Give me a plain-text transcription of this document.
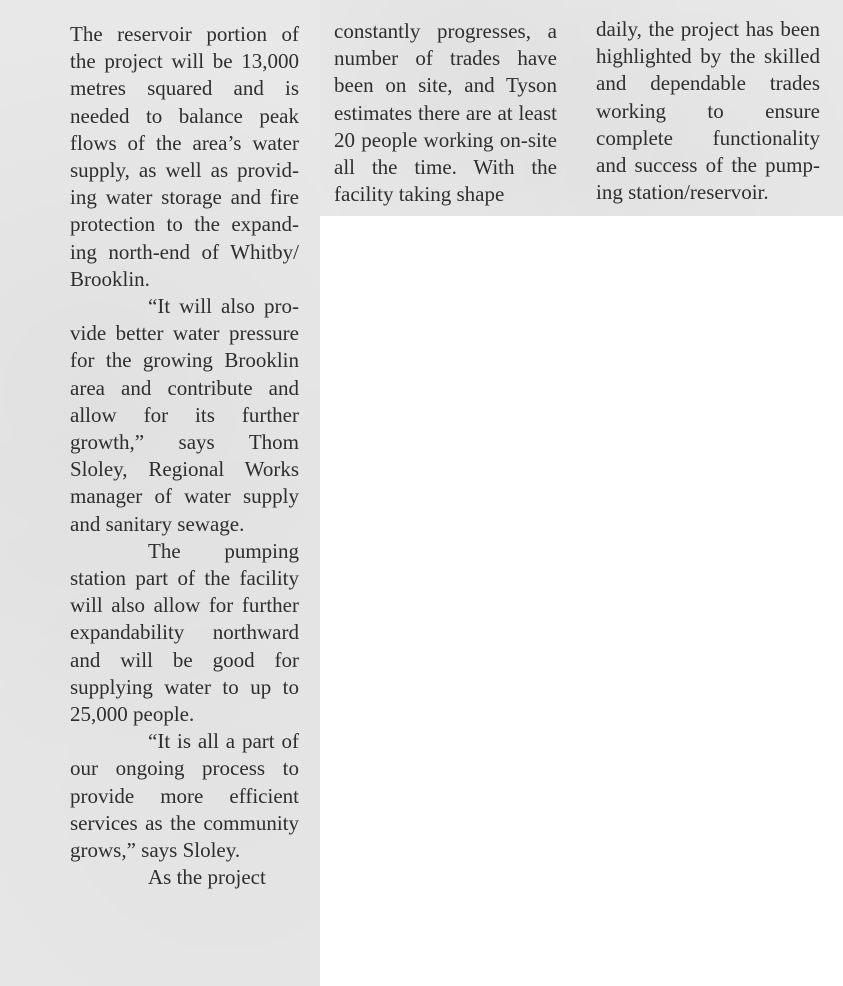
The reservoir portion of the project will be 13,000 metres squared and is needed to balance peak flows of the area’s water supply, as well as providing water storage and fire protection to the expanding north-end of Whitby/ Brooklin.

“It will also provide better water pressure for the growing Brooklin area and contribute and allow for its further growth,” says Thom Sloley, Regional Works manager of water supply and sanitary sewage.

The pumping station part of the facility will also allow for further expandability northward and will be good for supplying water to up to 25,000 people.

“It is all a part of our ongoing process to provide more efficient services as the community grows,” says Sloley.

As the project

constantly progresses, a number of trades have been on site, and Tyson estimates there are at least 20 people working on-site all the time. With the facility taking shape

daily, the project has been highlighted by the skilled and dependable trades working to ensure complete functionality and success of the pumping station/reservoir.
